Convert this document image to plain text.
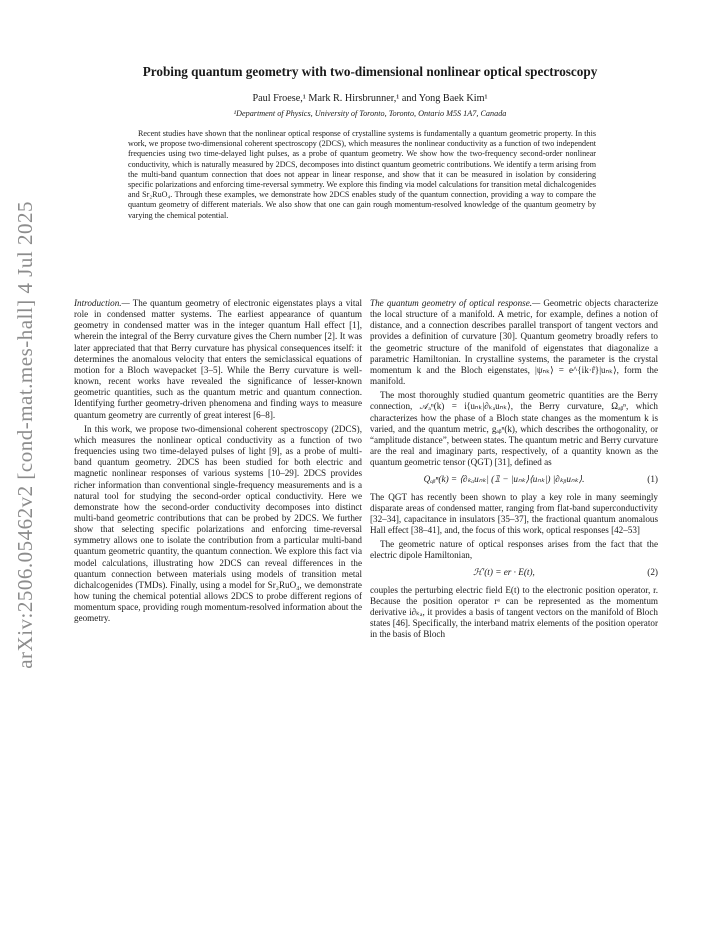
arXiv:2506.05462v2 [cond-mat.mes-hall] 4 Jul 2025
Probing quantum geometry with two-dimensional nonlinear optical spectroscopy
Paul Froese,¹ Mark R. Hirsbrunner,¹ and Yong Baek Kim¹
¹Department of Physics, University of Toronto, Toronto, Ontario M5S 1A7, Canada
Recent studies have shown that the nonlinear optical response of crystalline systems is fundamentally a quantum geometric property. In this work, we propose two-dimensional coherent spectroscopy (2DCS), which measures the nonlinear conductivity as a function of two independent frequencies using two time-delayed light pulses, as a probe of quantum geometry. We show how the two-frequency second-order nonlinear conductivity, which is naturally measured by 2DCS, decomposes into distinct quantum geometric contributions. We identify a term arising from the multi-band quantum connection that does not appear in linear response, and show that it can be measured in isolation by considering specific polarizations and enforcing time-reversal symmetry. We explore this finding via model calculations for transition metal dichalcogenides and Sr₂RuO₄. Through these examples, we demonstrate how 2DCS enables study of the quantum connection, providing a way to compare the quantum geometry of different materials. We also show that one can gain rough momentum-resolved knowledge of the quantum geometry by varying the chemical potential.

Introduction.— The quantum geometry of electronic eigenstates plays a vital role in condensed matter systems. The earliest appearance of quantum geometry in condensed matter was in the integer quantum Hall effect [1], wherein the integral of the Berry curvature gives the Chern number [2]. It was later appreciated that that Berry curvature has physical consequences itself: it determines the anomalous velocity that enters the semiclassical equations of motion for a Bloch wavepacket [3–5]. While the Berry curvature is well-known, recent works have revealed the significance of lesser-known geometric quantities, such as the quantum metric and quantum connection. Identifying further geometry-driven phenomena and finding ways to measure quantum geometry are currently of great interest [6–8].

In this work, we propose two-dimensional coherent spectroscopy (2DCS), which measures the nonlinear optical conductivity as a function of two frequencies using two time-delayed pulses of light [9], as a probe of multi-band quantum geometry. 2DCS has been studied for both electric and magnetic nonlinear responses of various systems [10–29]. 2DCS provides richer information than conventional single-frequency measurements and is a natural tool for studying the second-order optical conductivity. Here we demonstrate how the second-order conductivity decomposes into distinct multi-band geometric contributions that can be probed by 2DCS. We further show that selecting specific polarizations and enforcing time-reversal symmetry allows one to isolate the contribution from a particular multi-band quantum geometric quantity, the quantum connection. We explore this fact via model calculations, illustrating how 2DCS can reveal differences in the quantum connection between materials using models of transition metal dichalcogenides (TMDs). Finally, using a model for Sr₂RuO₄, we demonstrate how tuning the chemical potential allows 2DCS to probe different regions of momentum space, providing rough momentum-resolved information about the geometry.

The quantum geometry of optical response.— Geometric objects characterize the local structure of a manifold. A metric, for example, defines a notion of distance, and a connection describes parallel transport of tangent vectors and provides a definition of curvature [30]. Quantum geometry broadly refers to the geometric structure of the manifold of eigenstates that diagonalize a parametric Hamiltonian. In crystalline systems, the parameter is the crystal momentum k and the Bloch eigenstates, |ψₙₖ⟩ = e^{ik·r̂}|uₙₖ⟩, form the manifold.

The most thoroughly studied quantum geometric quantities are the Berry connection, 𝒜ₐⁿ(k) = i⟨uₙₖ|∂ₖₐuₙₖ⟩, the Berry curvature, Ωₐᵦⁿ, which characterizes how the phase of a Bloch state changes as the momentum k is varied, and the quantum metric, gₐᵦⁿ(k), which describes the orthogonality, or “amplitude distance”, between states. The quantum metric and Berry curvature are the real and imaginary parts, respectively, of a quantity known as the quantum geometric tensor (QGT) [31], defined as

Qₐᵦⁿ(k) = ⟨∂ₖₐuₙₖ| (𝟙 − |uₙₖ⟩⟨uₙₖ|) |∂ₖᵦuₙₖ⟩.	(1)

The QGT has recently been shown to play a key role in many seemingly disparate areas of condensed matter, ranging from flat-band superconductivity [32–34], capacitance in insulators [35–37], the fractional quantum anomalous Hall effect [38–41], and, the focus of this work, optical responses [42–53]

The geometric nature of optical responses arises from the fact that the electric dipole Hamiltonian,

ℋ′(t) = er · E(t),	(2)

couples the perturbing electric field E(t) to the electronic position operator, r. Because the position operator rᵃ can be represented as the momentum derivative i∂ₖₐ, it provides a basis of tangent vectors on the manifold of Bloch states [46]. Specifically, the interband matrix elements of the position operator in the basis of Bloch
